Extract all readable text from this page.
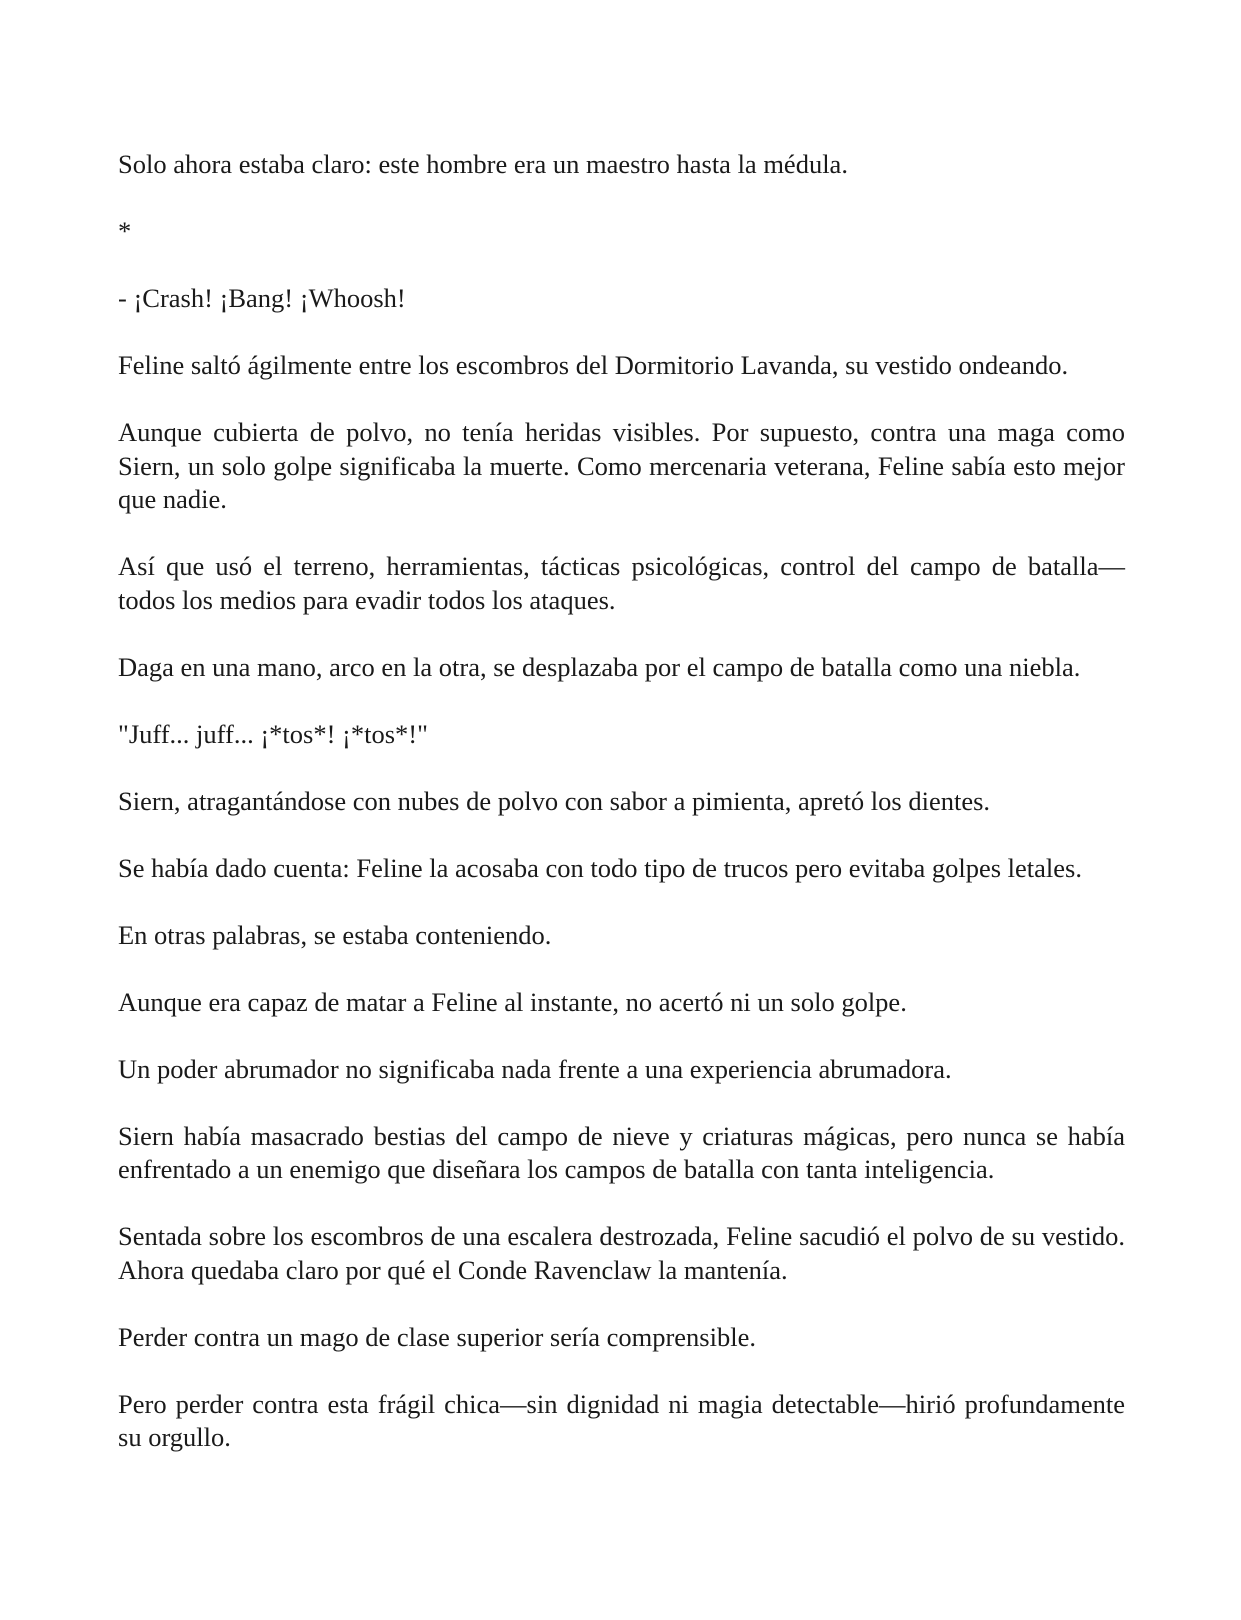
Solo ahora estaba claro: este hombre era un maestro hasta la médula.

*

- ¡Crash! ¡Bang! ¡Whoosh!

Feline saltó ágilmente entre los escombros del Dormitorio Lavanda, su vestido ondeando.

Aunque cubierta de polvo, no tenía heridas visibles. Por supuesto, contra una maga como Siern, un solo golpe significaba la muerte. Como mercenaria veterana, Feline sabía esto mejor que nadie.

Así que usó el terreno, herramientas, tácticas psicológicas, control del campo de batalla—todos los medios para evadir todos los ataques.

Daga en una mano, arco en la otra, se desplazaba por el campo de batalla como una niebla.

"Juff... juff... ¡*tos*! ¡*tos*!"

Siern, atragantándose con nubes de polvo con sabor a pimienta, apretó los dientes.

Se había dado cuenta: Feline la acosaba con todo tipo de trucos pero evitaba golpes letales.

En otras palabras, se estaba conteniendo.

Aunque era capaz de matar a Feline al instante, no acertó ni un solo golpe.

Un poder abrumador no significaba nada frente a una experiencia abrumadora.

Siern había masacrado bestias del campo de nieve y criaturas mágicas, pero nunca se había enfrentado a un enemigo que diseñara los campos de batalla con tanta inteligencia.

Sentada sobre los escombros de una escalera destrozada, Feline sacudió el polvo de su vestido. Ahora quedaba claro por qué el Conde Ravenclaw la mantenía.

Perder contra un mago de clase superior sería comprensible.

Pero perder contra esta frágil chica—sin dignidad ni magia detectable—hirió profundamente su orgullo.
